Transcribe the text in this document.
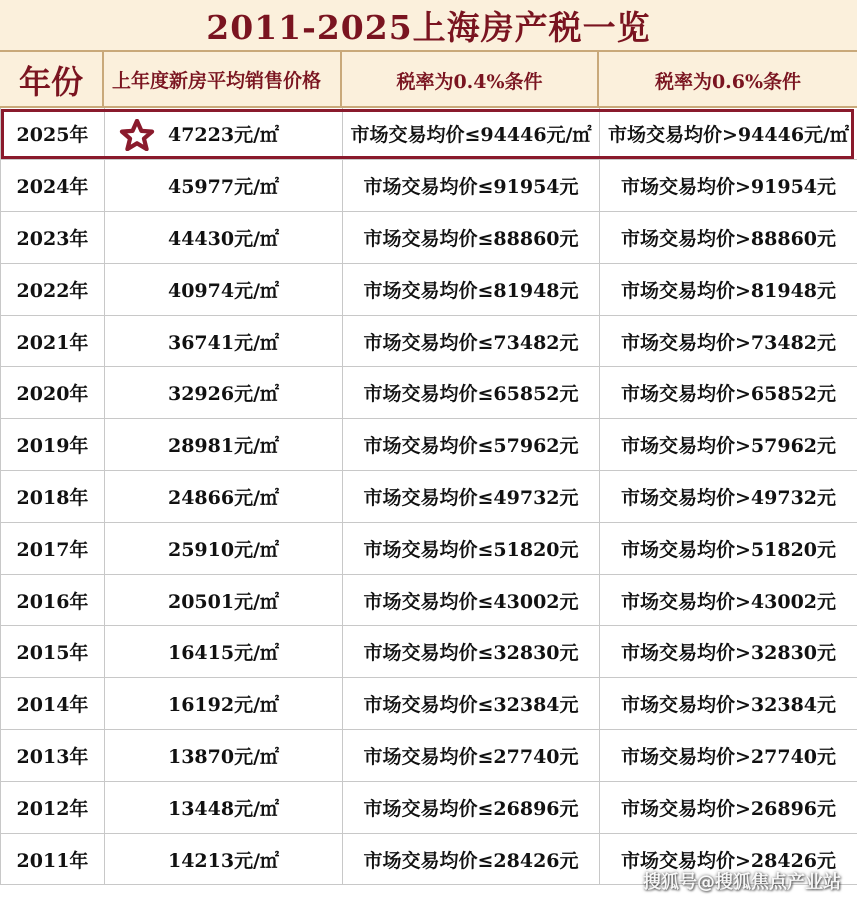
2011-2025上海房产税一览
年份	上年度新房平均销售价格	税率为0.4%条件	税率为0.6%条件
2025年	47223元/㎡	市场交易均价≤94446元/㎡	市场交易均价>94446元/㎡
2024年	45977元/㎡	市场交易均价≤91954元	市场交易均价>91954元
2023年	44430元/㎡	市场交易均价≤88860元	市场交易均价>88860元
2022年	40974元/㎡	市场交易均价≤81948元	市场交易均价>81948元
2021年	36741元/㎡	市场交易均价≤73482元	市场交易均价>73482元
2020年	32926元/㎡	市场交易均价≤65852元	市场交易均价>65852元
2019年	28981元/㎡	市场交易均价≤57962元	市场交易均价>57962元
2018年	24866元/㎡	市场交易均价≤49732元	市场交易均价>49732元
2017年	25910元/㎡	市场交易均价≤51820元	市场交易均价>51820元
2016年	20501元/㎡	市场交易均价≤43002元	市场交易均价>43002元
2015年	16415元/㎡	市场交易均价≤32830元	市场交易均价>32830元
2014年	16192元/㎡	市场交易均价≤32384元	市场交易均价>32384元
2013年	13870元/㎡	市场交易均价≤27740元	市场交易均价>27740元
2012年	13448元/㎡	市场交易均价≤26896元	市场交易均价>26896元
2011年	14213元/㎡	市场交易均价≤28426元	市场交易均价>28426元
搜狐号@搜狐焦点产业站
